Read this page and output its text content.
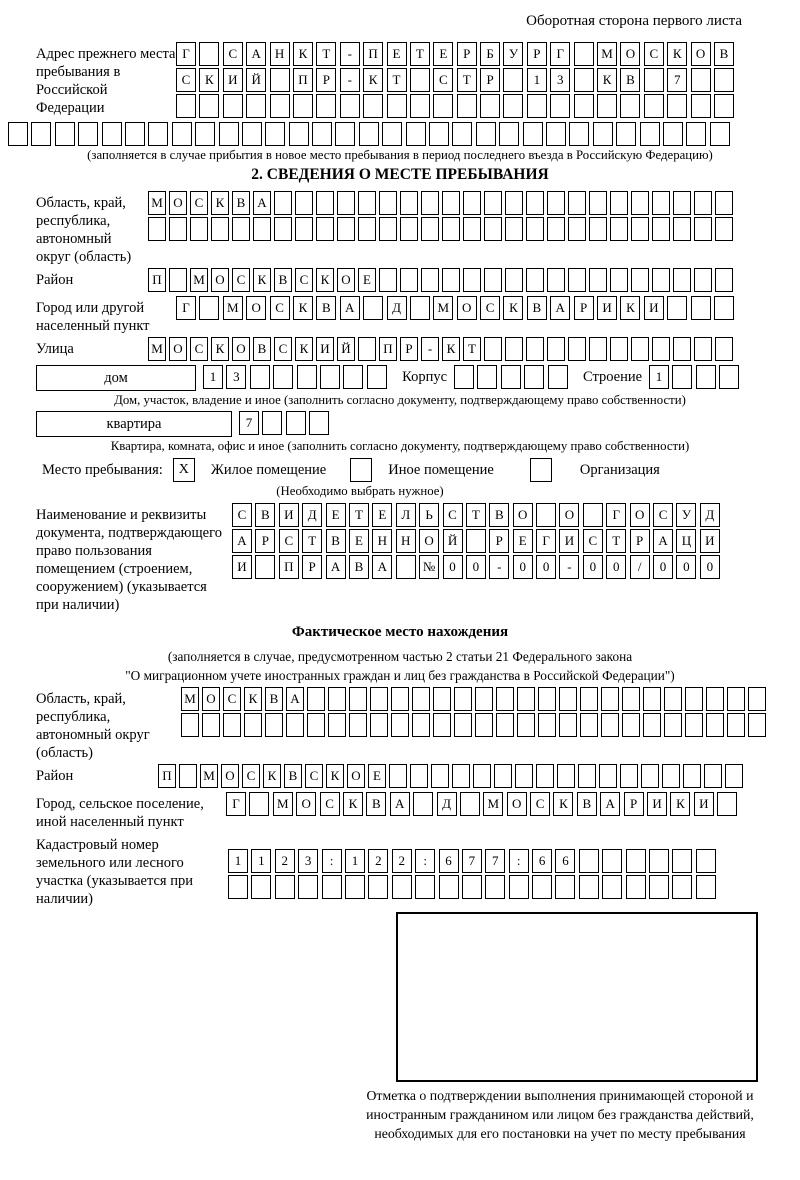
Оборотная сторона первого листа
Адрес прежнего места пребывания в Российской Федерации
Г	С	А	Н	К	Т	-	П	Е	Т	Е	Р	Б	У	Р	Г	М О	С	К	О	В
С	К	И	Й	П	Р	-	К	Т	С	Т	Р	1	3	К	В	7
(заполняется в случае прибытия в новое место пребывания в период последнего въезда в Российскую Федерацию)
2. СВЕДЕНИЯ О МЕСТЕ ПРЕБЫВАНИЯ
Область, край, республика, автономный округ (область)
М О С К В А
Район	П	М О С К В С К О Е
Город или другой населенный пункт
Г	М О	С	К	В	А	Д	М О	С	К	В	А	Р	И	К	И
Улица	М О С К О В С К И Й	П Р	-	К Т
дом	1	3	Корпус	Строение	1
Дом, участок, владение и иное (заполнить согласно документу, подтверждающему право собственности)
квартира	7
Квартира, комната, офис и иное (заполнить согласно документу, подтверждающему право собственности)
Место пребывания:	X	Жилое помещение	Иное помещение	Организация
(Необходимо выбрать нужное)
Наименование и реквизиты документа, подтверждающего право пользования помещением (строением, сооружением) (указывается при наличии)
С	В	И	Д	Е	Т	Е	Л	Ь	С	Т	В	О	О	Г	О	С	У	Д
А	Р	С	Т	В	Е	Н	Н	О	Й	Р	Е	Г	И	С	Т	Р	А	Ц	И
И	П	Р	А	В	А	№	0	0	-	0	0	-	0	0	/	0	0	0
Фактическое место нахождения
(заполняется в случае, предусмотренном частью 2 статьи 21 Федерального закона
"О миграционном учете иностранных граждан и лиц без гражданства в Российской Федерации")
Область, край, республика, автономный округ (область)
М О С К В А
Район	П	М О С К В С К О Е
Город, сельское поселение, иной населенный пункт
Г	М О	С	К	В	А	Д	М О	С	К	В	А	Р	И	К	И
Кадастровый номер земельного или лесного участка (указывается при наличии)
1	1	2	3	:	1	2	2	:	6	7	7	:	6	6
Отметка о подтверждении выполнения принимающей стороной и иностранным гражданином или лицом без гражданства действий, необходимых для его постановки на учет по месту пребывания
